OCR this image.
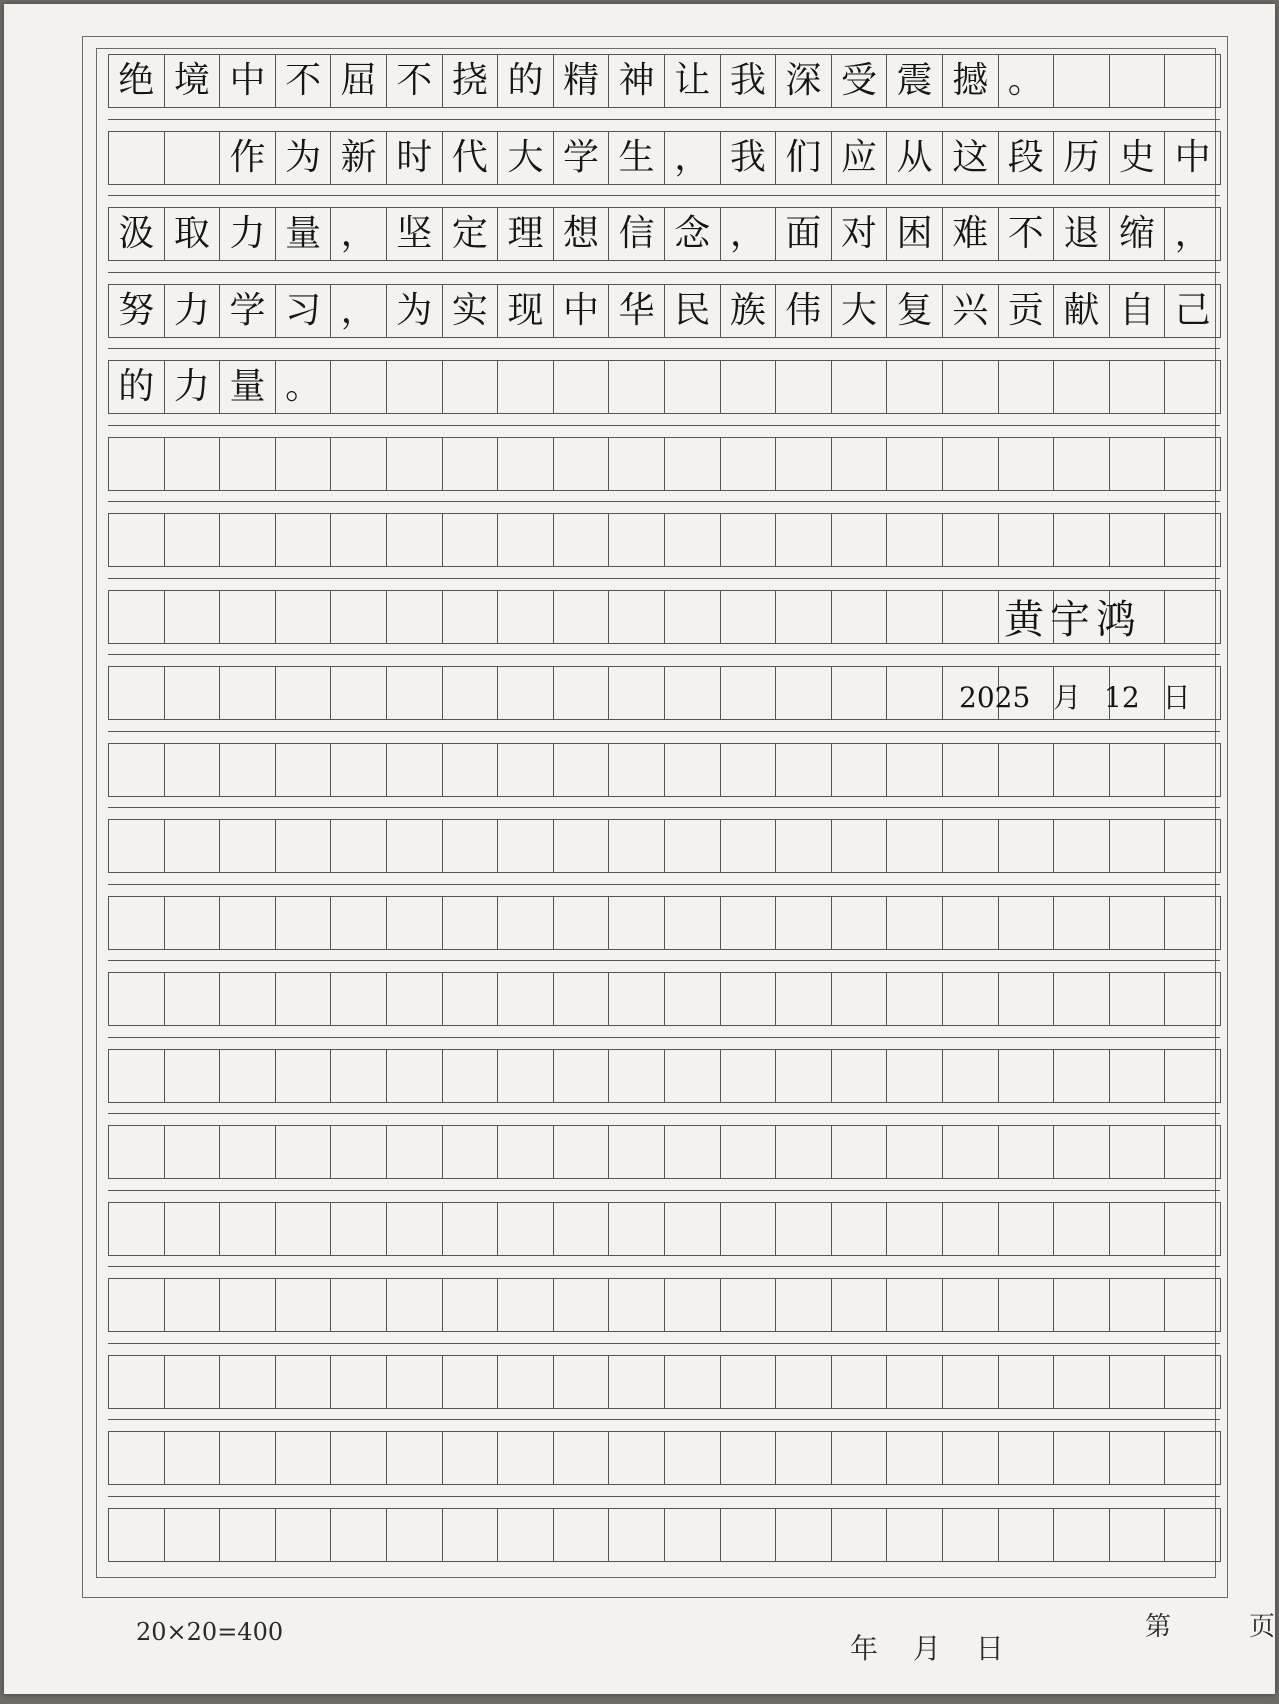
绝 境 中 不 屈 不 挠 的 精 神 让 我 深 受 震 撼 。
作 为 新 时 代 大 学 生 ， 我 们 应 从 这 段 历 史 中
汲 取 力 量 ， 坚 定 理 想 信 念 ， 面 对 困 难 不 退 缩 ，
努 力 学 习 ， 为 实 现 中 华 民 族 伟 大 复 兴 贡 献 自 己
的 力 量 。
黄宇鸿
2025 月 12 日
20×20=400	年 月 日
第	页
